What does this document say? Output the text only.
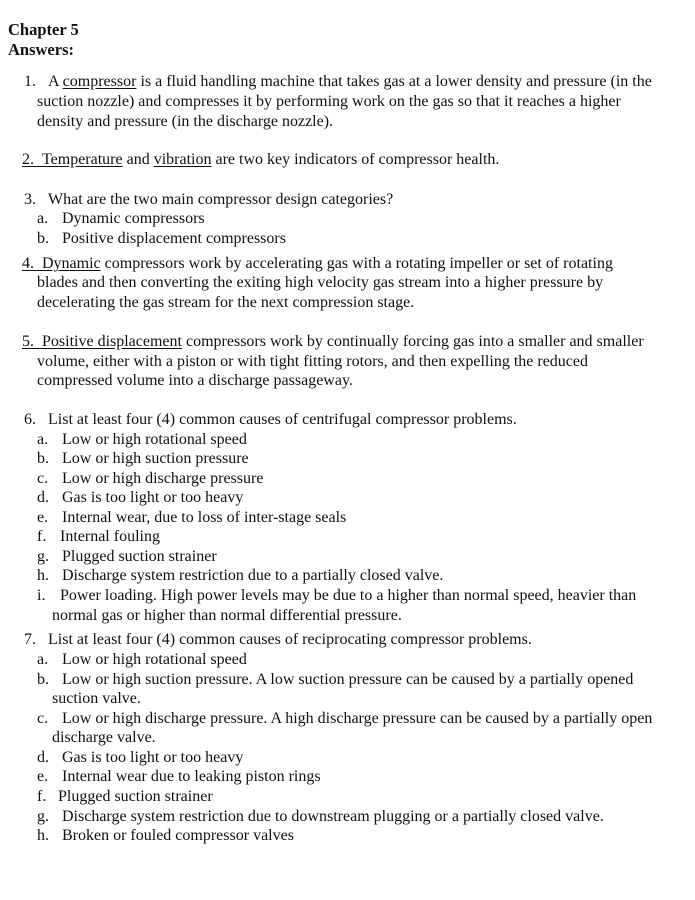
Chapter 5
Answers:
1. A compressor is a fluid handling machine that takes gas at a lower density and pressure (in the
suction nozzle) and compresses it by performing work on the gas so that it reaches a higher
density and pressure (in the discharge nozzle).
2. Temperature and vibration are two key indicators of compressor health.
3. What are the two main compressor design categories?
a. Dynamic compressors
b. Positive displacement compressors
4. Dynamic compressors work by accelerating gas with a rotating impeller or set of rotating
blades and then converting the exiting high velocity gas stream into a higher pressure by
decelerating the gas stream for the next compression stage.
5. Positive displacement compressors work by continually forcing gas into a smaller and smaller
volume, either with a piston or with tight fitting rotors, and then expelling the reduced
compressed volume into a discharge passageway.
6. List at least four (4) common causes of centrifugal compressor problems.
a. Low or high rotational speed
b. Low or high suction pressure
c. Low or high discharge pressure
d. Gas is too light or too heavy
e. Internal wear, due to loss of inter-stage seals
f. Internal fouling
g. Plugged suction strainer
h. Discharge system restriction due to a partially closed valve.
i. Power loading. High power levels may be due to a higher than normal speed, heavier than
normal gas or higher than normal differential pressure.
7. List at least four (4) common causes of reciprocating compressor problems.
a. Low or high rotational speed
b. Low or high suction pressure. A low suction pressure can be caused by a partially opened
suction valve.
c. Low or high discharge pressure. A high discharge pressure can be caused by a partially open
discharge valve.
d. Gas is too light or too heavy
e. Internal wear due to leaking piston rings
f. Plugged suction strainer
g. Discharge system restriction due to downstream plugging or a partially closed valve.
h. Broken or fouled compressor valves
